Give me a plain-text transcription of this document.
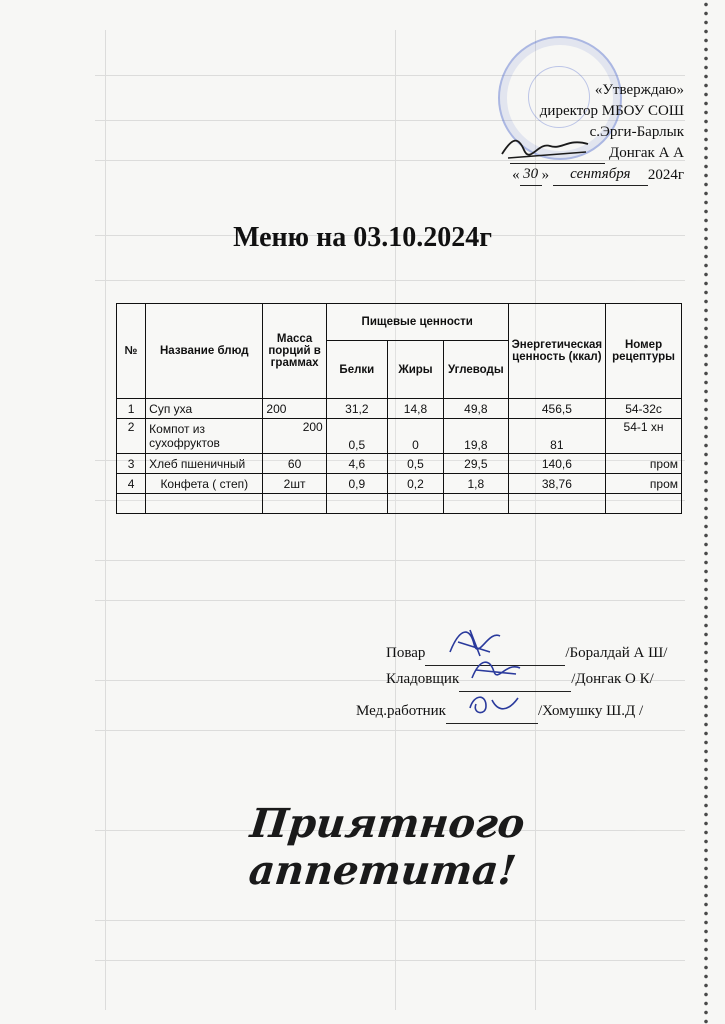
«Утверждаю»
директор МБОУ СОШ
с.Эрги-Барлык
Донгак А А
« 30 » сентября 2024г
Меню на 03.10.2024г
№	Название блюд	Масса порций в граммах	Пищевые ценности			Энергетическая ценность (ккал)	Номер рецептуры
			Белки	Жиры	Углеводы		
1	Суп уха	200	31,2	14,8	49,8	456,5	54-32с
2	Компот из сухофруктов	200	0,5	0	19,8	81	54-1 хн
3	Хлеб пшеничный	60	4,6	0,5	29,5	140,6	пром
4	Конфета ( степ)	2шт	0,9	0,2	1,8	38,76	пром

Повар	/Боралдай А Ш/
Кладовщик	/Донгак О К/
Мед.работник	/Хомушку Ш.Д /
Приятного аппетита!
